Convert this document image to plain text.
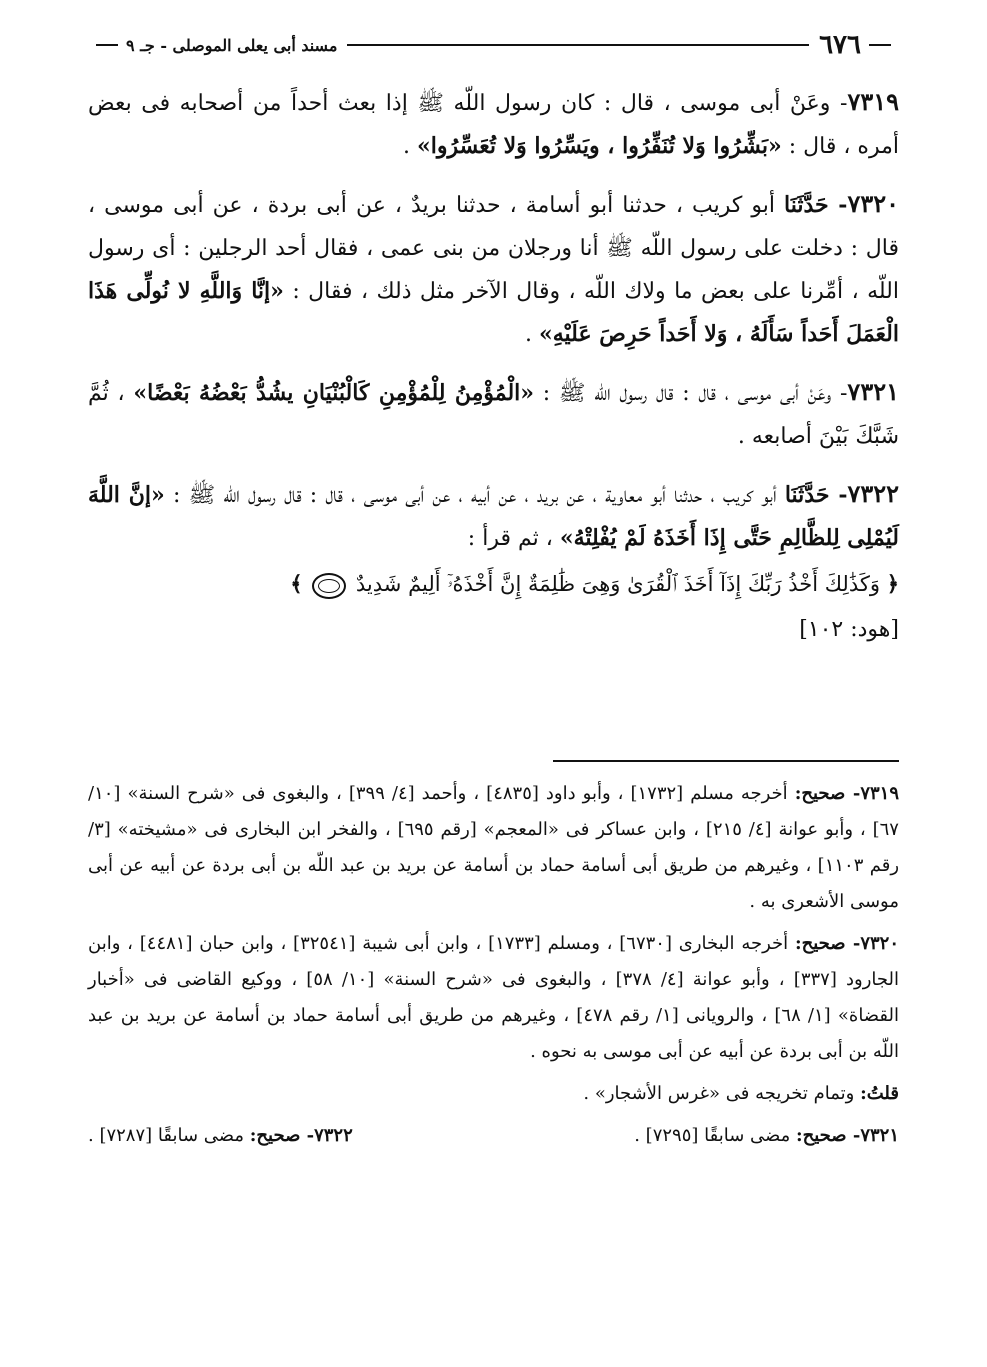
٦٧٦
مسند أبى يعلى الموصلى - جـ ٩

٧٣١٩- وعَنْ أبى موسى ، قال : كان رسول اللّه ﷺ إذا بعث أحداً من أصحابه فى بعض أمره ، قال : «بَشِّرُوا وَلا تُنَفِّرُوا ، ويَسِّرُوا وَلا تُعَسِّرُوا» .

٧٣٢٠- حَدَّثَنَا أبو كريب ، حدثنا أبو أسامة ، حدثنا بريدٌ ، عن أبى بردة ، عن أبى موسى ، قال : دخلت على رسول اللّه ﷺ أنا ورجلان من بنى عمى ، فقال أحد الرجلين : أى رسول اللّه ، أمِّرنا على بعض ما ولاك اللّه ، وقال الآخر مثل ذلك ، فقال : «إنَّا وَاللَّهِ لا نُولِّى هَذَا الْعَمَلَ أَحَداً سَأَلَهُ ، وَلا أَحَداً حَرِصَ عَلَيْهِ» .

٧٣٢١- وعَنْ أبى موسى ، قال : قال رسول اللّه ﷺ : «الْمُؤْمِنُ لِلْمُؤْمِنِ كَالْبُنْيَانِ يشُدُّ بَعْضُهُ بَعْضًا» ، ثُمَّ شَبَّكَ بَيْنَ أصابعه .

٧٣٢٢- حَدَّثَنَا أبو كريب ، حدثنا أبو معاوية ، عن بريد ، عن أبيه ، عن أبى موسى ، قال : قال رسول اللّه ﷺ : «إنَّ اللَّهَ لَيُمْلِى لِلظَّالِمِ حَتَّى إِذَا أَخَذَهُ لَمْ يُفْلِتْهُ» ، ثم قرأ :
﴿ وَكَذَٰلِكَ أَخْذُ رَبِّكَ إِذَآ أَخَذَ ٱلْقُرَىٰ وَهِىَ ظَٰلِمَةٌ إِنَّ أَخْذَهُۥٓ أَلِيمٌ شَدِيدٌ  ﴾
[هود: ١٠٢]

٧٣١٩- صحيح: أخرجه مسلم [١٧٣٢] ، وأبو داود [٤٨٣٥] ، وأحمد [٤/ ٣٩٩] ، والبغوى فى «شرح السنة» [١٠/ ٦٧] ، وأبو عوانة [٤/ ٢١٥] ، وابن عساكر فى «المعجم» [رقم ٦٩٥] ، والفخر ابن البخارى فى «مشيخته» [٣/ رقم ١١٠٣] ، وغيرهم من طريق أبى أسامة حماد بن أسامة عن بريد بن عبد اللّه بن أبى بردة عن أبيه عن أبى موسى الأشعرى به .

٧٣٢٠- صحيح: أخرجه البخارى [٦٧٣٠] ، ومسلم [١٧٣٣] ، وابن أبى شيبة [٣٢٥٤١] ، وابن حبان [٤٤٨١] ، وابن الجارود [٣٣٧] ، وأبو عوانة [٤/ ٣٧٨] ، والبغوى فى «شرح السنة» [١٠/ ٥٨] ، ووكيع القاضى فى «أخبار القضاة» [١/ ٦٨] ، والرويانى [١/ رقم ٤٧٨] ، وغيرهم من طريق أبى أسامة حماد بن أسامة عن بريد بن عبد اللّه بن أبى بردة عن أبيه عن أبى موسى به نحوه .

قلتُ: وتمام تخريجه فى «غرس الأشجار» .

٧٣٢١- صحيح: مضى سابقًا [٧٢٩٥] .
٧٣٢٢- صحيح: مضى سابقًا [٧٢٨٧] .
